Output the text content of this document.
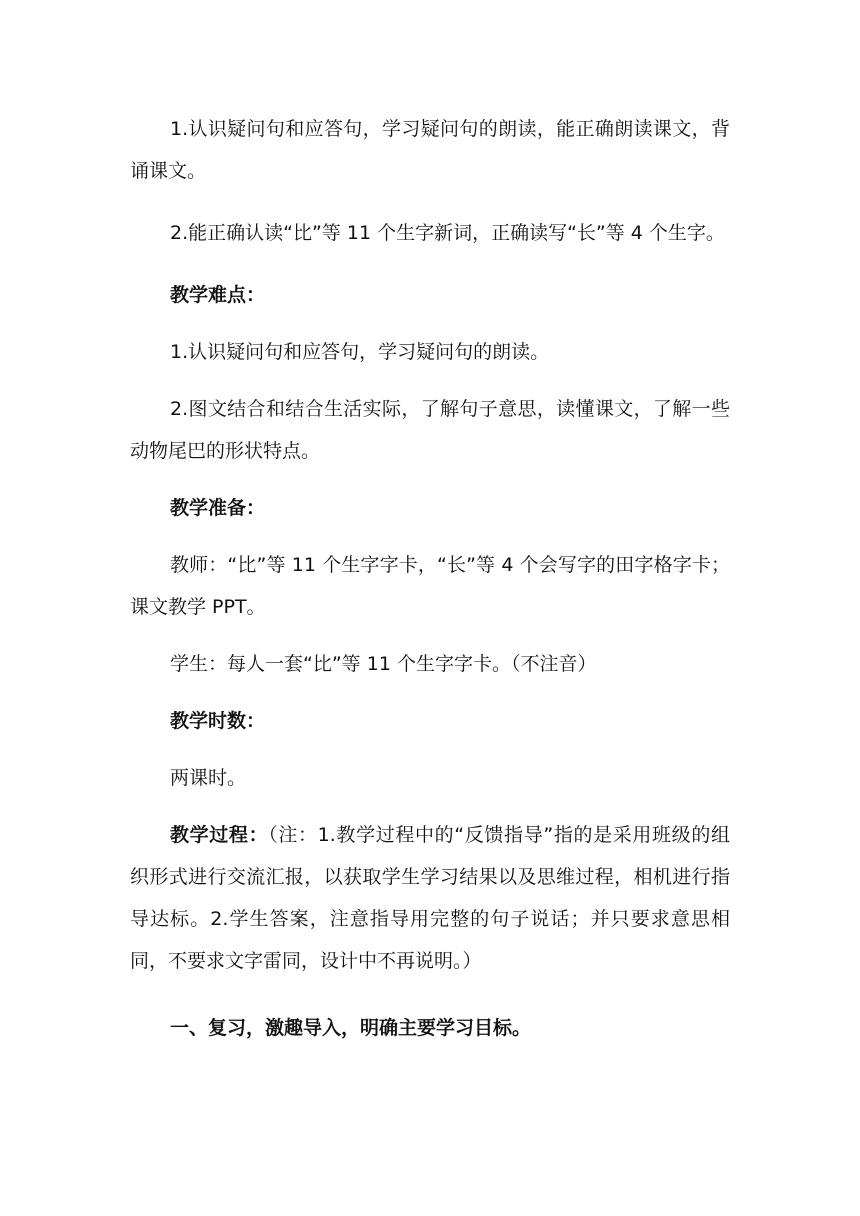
1.认识疑问句和应答句，学习疑问句的朗读，能正确朗读课文，背诵课文。

2.能正确认读“比”等 11 个生字新词，正确读写“长”等 4 个生字。

教学难点：

1.认识疑问句和应答句，学习疑问句的朗读。

2.图文结合和结合生活实际，了解句子意思，读懂课文，了解一些动物尾巴的形状特点。

教学准备：

教师：“比”等 11 个生字字卡，“长”等 4 个会写字的田字格字卡；课文教学 PPT。

学生：每人一套“比”等 11 个生字字卡。（不注音）

教学时数：

两课时。

教学过程：（注：1.教学过程中的“反馈指导”指的是采用班级的组织形式进行交流汇报，以获取学生学习结果以及思维过程，相机进行指导达标。2.学生答案，注意指导用完整的句子说话；并只要求意思相同，不要求文字雷同，设计中不再说明。）

一、复习，激趣导入，明确主要学习目标。
